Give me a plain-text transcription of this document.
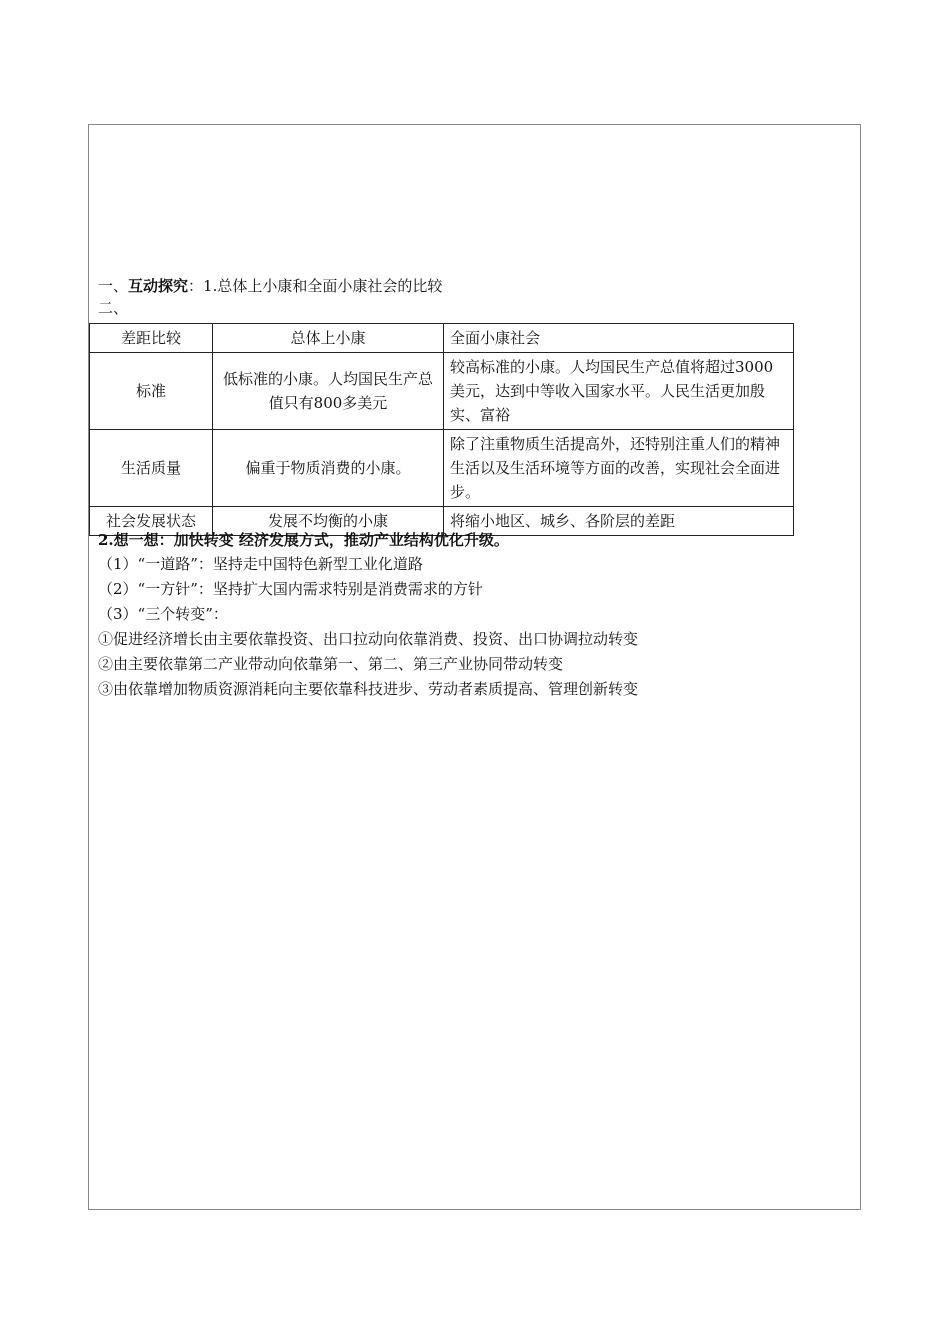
一、互动探究：1.总体上小康和全面小康社会的比较
二、
差距比较	总体上小康	全面小康社会
标准	低标准的小康。人均国民生产总值只有800多美元	较高标准的小康。人均国民生产总值将超过3000美元，达到中等收入国家水平。人民生活更加殷实、富裕
生活质量	偏重于物质消费的小康。	除了注重物质生活提高外，还特别注重人们的精神生活以及生活环境等方面的改善，实现社会全面进步。
社会发展状态	发展不均衡的小康	将缩小地区、城乡、各阶层的差距
2.想一想：加快转变 经济发展方式，推动产业结构优化升级。
（1）“一道路”：坚持走中国特色新型工业化道路
（2）“一方针”：坚持扩大国内需求特别是消费需求的方针
（3）“三个转变”：
①促进经济增长由主要依靠投资、出口拉动向依靠消费、投资、出口协调拉动转变
②由主要依靠第二产业带动向依靠第一、第二、第三产业协同带动转变
③由依靠增加物质资源消耗向主要依靠科技进步、劳动者素质提高、管理创新转变
